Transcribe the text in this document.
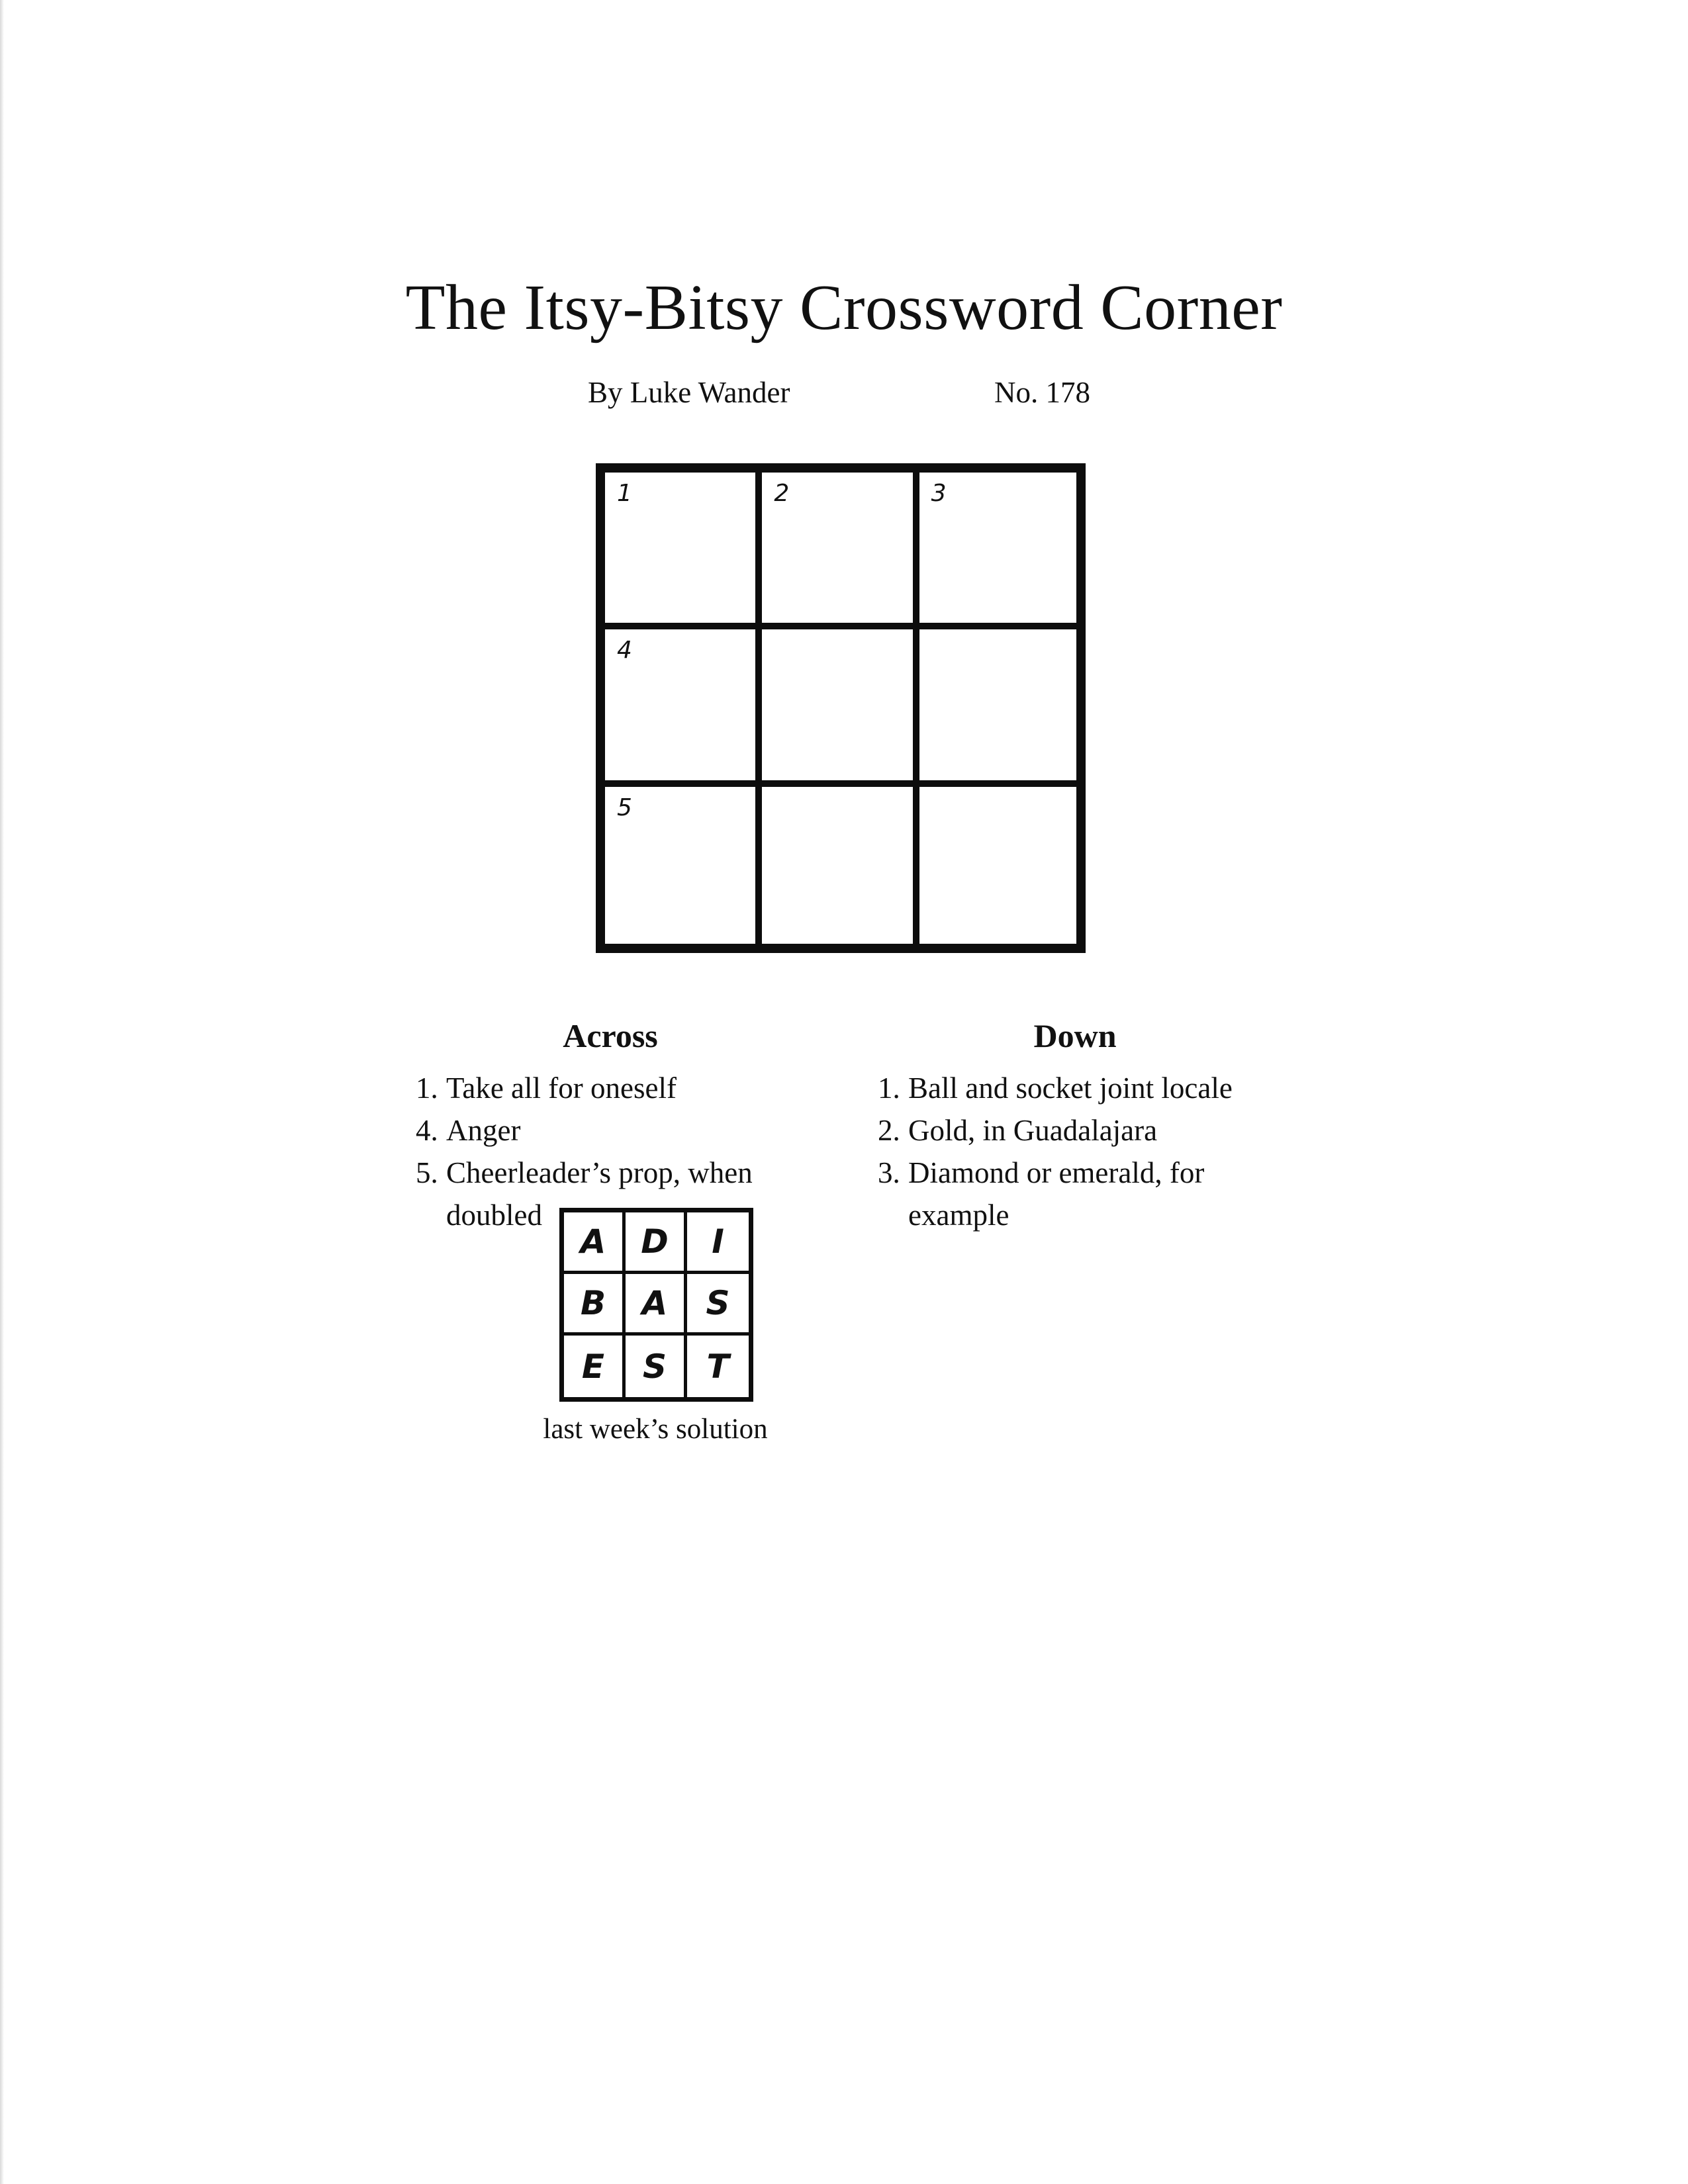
The Itsy-Bitsy Crossword Corner
By Luke Wander	No. 178
1	2	3
4
5
Across	Down
1. Take all for oneself
4. Anger
5. Cheerleader’s prop, when doubled
1. Ball and socket joint locale
2. Gold, in Guadalajara
3. Diamond or emerald, for example
A	D	I
B	A	S
E	S	T
last week’s solution
